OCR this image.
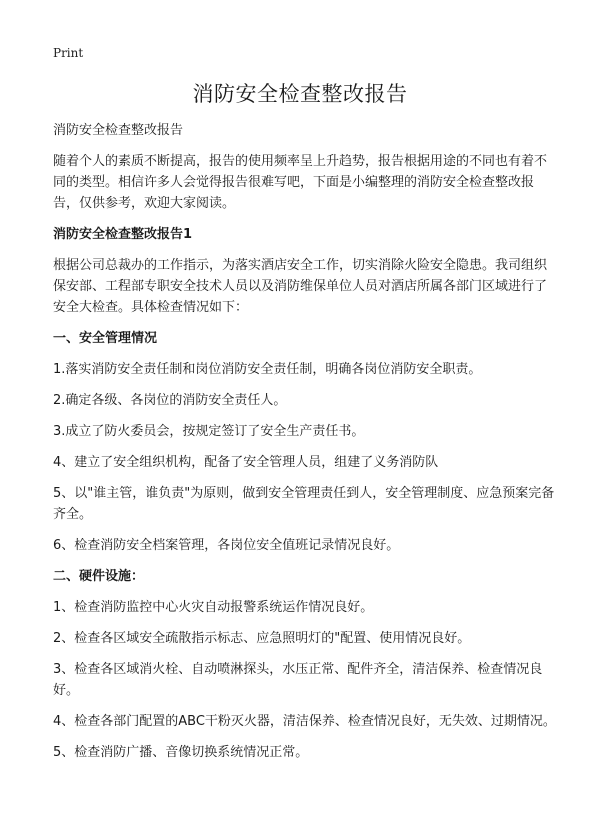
Print
消防安全检查整改报告

消防安全检查整改报告

随着个人的素质不断提高，报告的使用频率呈上升趋势，报告根据用途的不同也有着不同的类型。相信许多人会觉得报告很难写吧，下面是小编整理的消防安全检查整改报告，仅供参考，欢迎大家阅读。

消防安全检查整改报告1

根据公司总裁办的工作指示，为落实酒店安全工作，切实消除火险安全隐患。我司组织保安部、工程部专职安全技术人员以及消防维保单位人员对酒店所属各部门区域进行了安全大检查。具体检查情况如下：

一、安全管理情况

1.落实消防安全责任制和岗位消防安全责任制，明确各岗位消防安全职责。

2.确定各级、各岗位的消防安全责任人。

3.成立了防火委员会，按规定签订了安全生产责任书。

4、建立了安全组织机构，配备了安全管理人员，组建了义务消防队

5、以"谁主管，谁负责"为原则，做到安全管理责任到人，安全管理制度、应急预案完备齐全。

6、检查消防安全档案管理，各岗位安全值班记录情况良好。

二、硬件设施：

1、检查消防监控中心火灾自动报警系统运作情况良好。

2、检查各区域安全疏散指示标志、应急照明灯的"配置、使用情况良好。

3、检查各区域消火栓、自动喷淋探头，水压正常、配件齐全，清洁保养、检查情况良好。

4、检查各部门配置的ABC干粉灭火器，清洁保养、检查情况良好，无失效、过期情况。

5、检查消防广播、音像切换系统情况正常。
